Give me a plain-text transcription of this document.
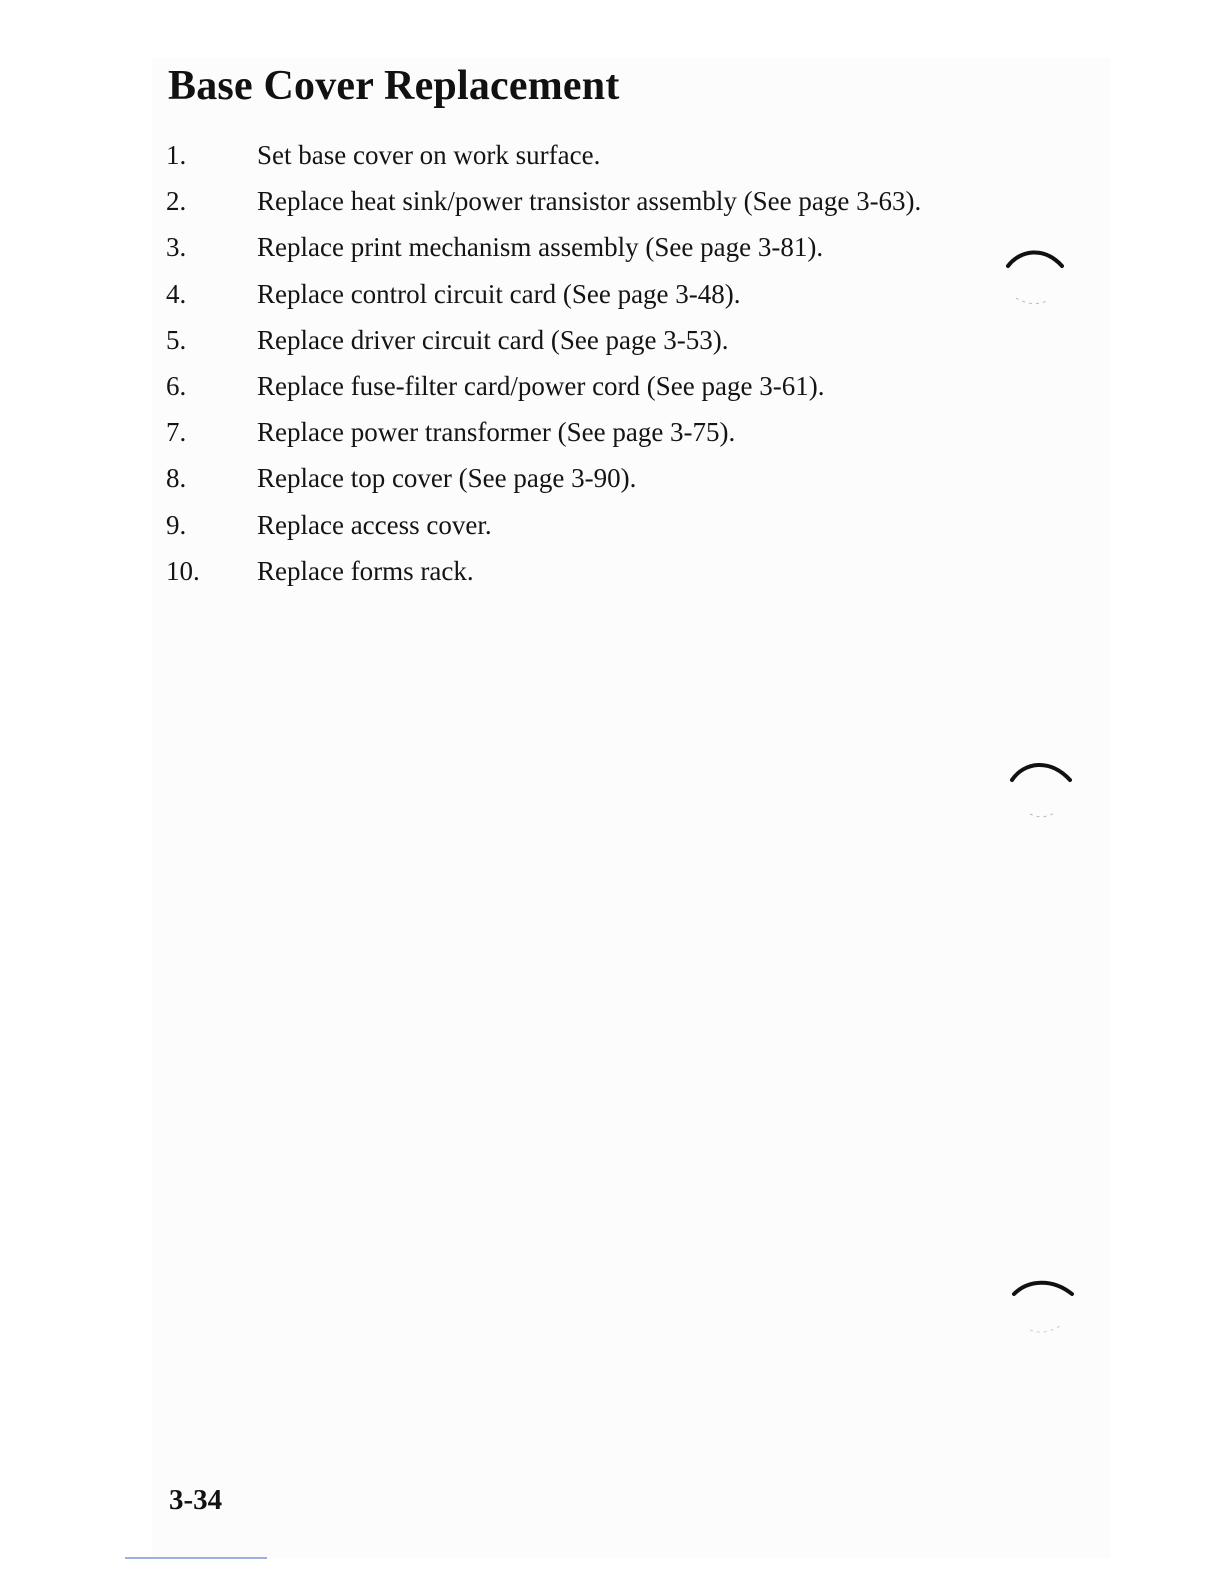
Base Cover Replacement
1.	Set base cover on work surface.
2.	Replace heat sink/power transistor assembly (See page 3-63).
3.	Replace print mechanism assembly (See page 3-81).
4.	Replace control circuit card (See page 3-48).
5.	Replace driver circuit card (See page 3-53).
6.	Replace fuse-filter card/power cord (See page 3-61).
7.	Replace power transformer (See page 3-75).
8.	Replace top cover (See page 3-90).
9.	Replace access cover.
10.	Replace forms rack.
3-34
